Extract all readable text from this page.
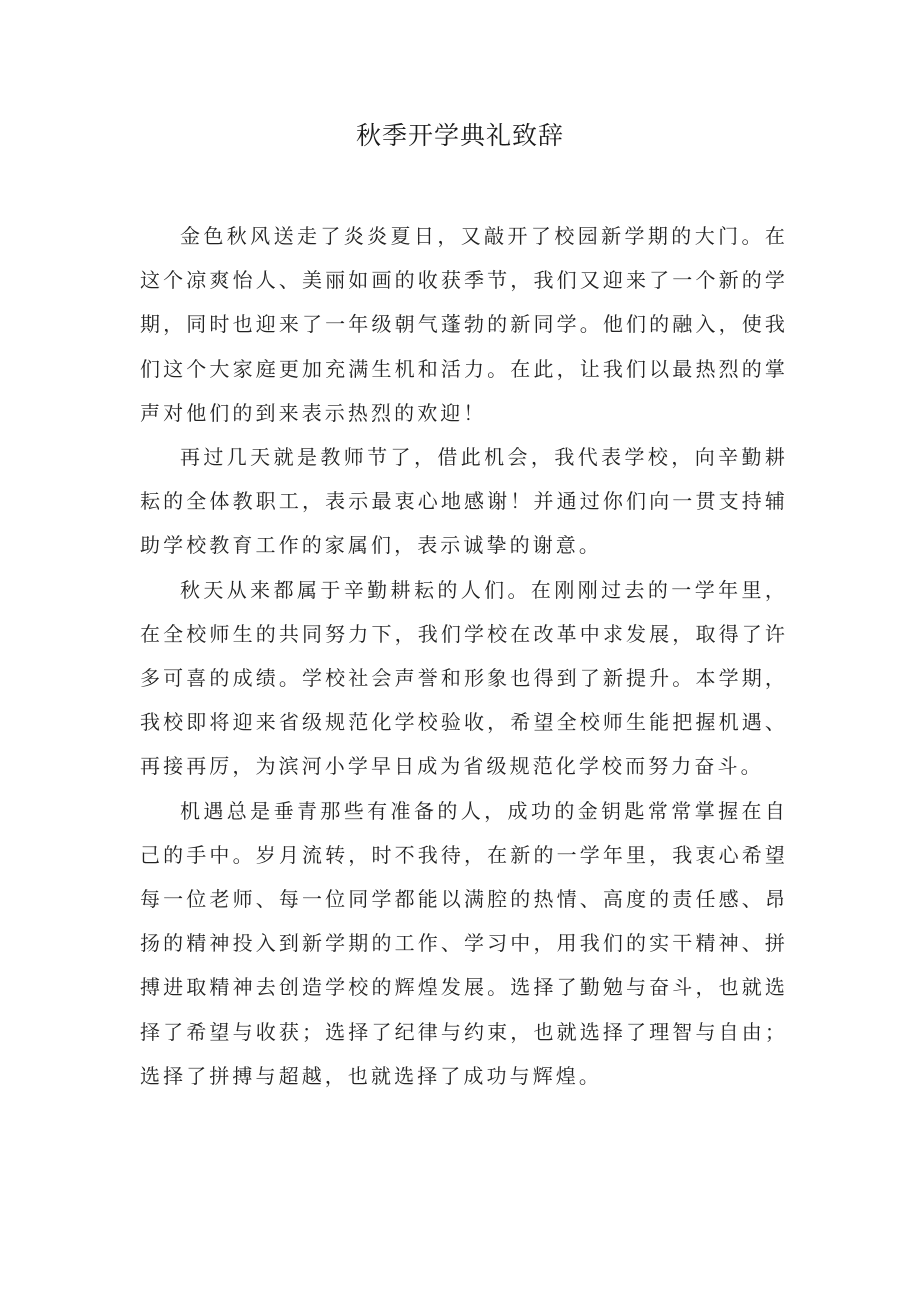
秋季开学典礼致辞

金色秋风送走了炎炎夏日，又敲开了校园新学期的大门。在这个凉爽怡人、美丽如画的收获季节，我们又迎来了一个新的学期，同时也迎来了一年级朝气蓬勃的新同学。他们的融入，使我们这个大家庭更加充满生机和活力。在此，让我们以最热烈的掌声对他们的到来表示热烈的欢迎！

再过几天就是教师节了，借此机会，我代表学校，向辛勤耕耘的全体教职工，表示最衷心地感谢！并通过你们向一贯支持辅助学校教育工作的家属们，表示诚挚的谢意。

秋天从来都属于辛勤耕耘的人们。在刚刚过去的一学年里，在全校师生的共同努力下，我们学校在改革中求发展，取得了许多可喜的成绩。学校社会声誉和形象也得到了新提升。本学期，我校即将迎来省级规范化学校验收，希望全校师生能把握机遇、再接再厉，为滨河小学早日成为省级规范化学校而努力奋斗。

机遇总是垂青那些有准备的人，成功的金钥匙常常掌握在自己的手中。岁月流转，时不我待，在新的一学年里，我衷心希望每一位老师、每一位同学都能以满腔的热情、高度的责任感、昂扬的精神投入到新学期的工作、学习中，用我们的实干精神、拼搏进取精神去创造学校的辉煌发展。选择了勤勉与奋斗，也就选择了希望与收获；选择了纪律与约束，也就选择了理智与自由；选择了拼搏与超越，也就选择了成功与辉煌。
